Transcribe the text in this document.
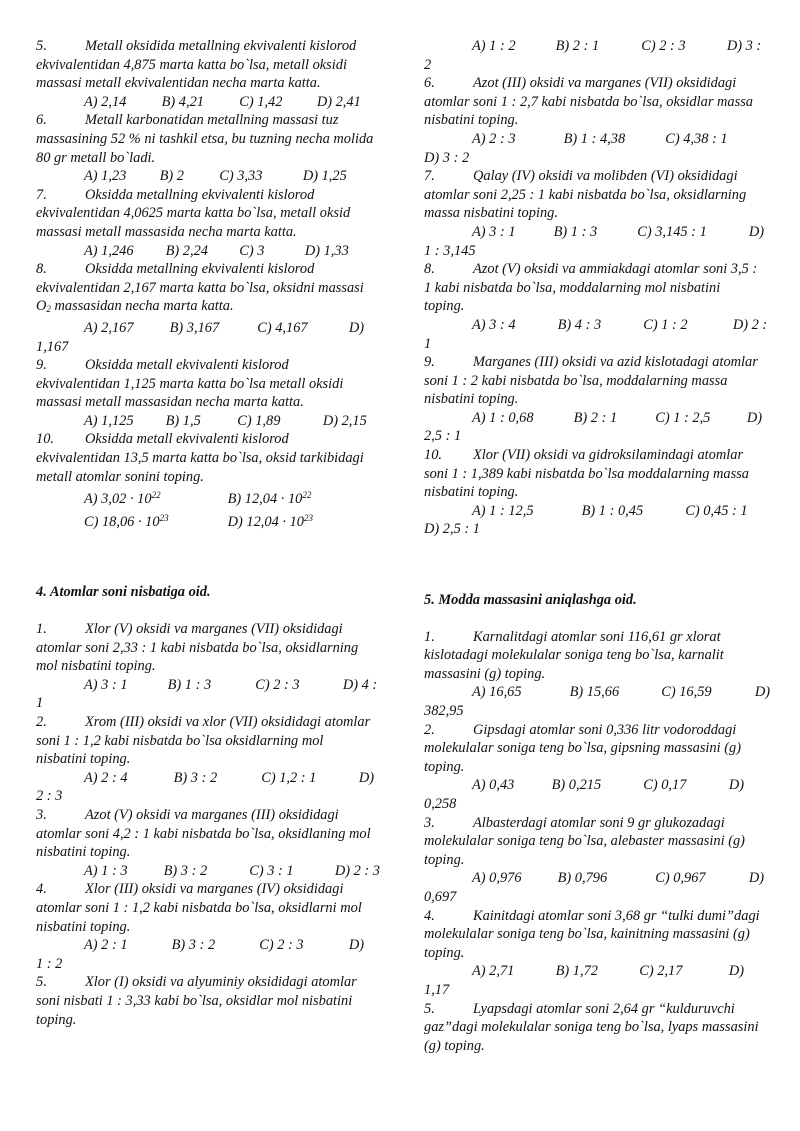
5.	Metall oksidida metallning ekvivalenti kislorod ekvivalentidan 4,875 marta katta bo`lsa, metall oksidi massasi metall ekvivalentidan necha marta katta.
A) 2,14 B) 4,21 C) 1,42 D) 2,41
6.	Metall karbonatidan metallning massasi tuz massasining 52 % ni tashkil etsa, bu tuzning necha molida 80 gr metall bo`ladi.
A) 1,23 B) 2 C) 3,33	D) 1,25
7.	Oksidda metallning ekvivalenti kislorod ekvivalentidan 4,0625 marta katta bo`lsa, metall oksid massasi metall massasida necha marta katta.
A) 1,246 B) 2,24 C) 3	D) 1,33
8.	Oksidda metallning ekvivalenti kislorod ekvivalentidan 2,167 marta katta bo`lsa, oksidni massasi $O_2$ massasidan necha marta katta.
A) 2,167	B) 3,167	C) 4,167	D)
1,167
9.	Oksidda metall ekvivalenti kislorod ekvivalentidan 1,125 marta katta bo`lsa metall oksidi massasi metall massasidan necha marta katta.
A) 1,125 B) 1,5	C) 1,89	D) 2,15
10. Oksidda metall ekvivalenti kislorod ekvivalentidan 13,5 marta katta bo`lsa, oksid tarkibidagi metall atomlar sonini toping.
A) $3,02 \cdot 10^{22}$	B) $12,04 \cdot 10^{22}$
C) $18,06 \cdot 10^{23}$	D) $12,04 \cdot 10^{23}$
4. Atomlar soni nisbatiga oid.
1.	Xlor (V) oksidi va marganes (VII) oksididagi atomlar soni 2,33 : 1 kabi nisbatda bo`lsa, oksidlarning mol nisbatini toping.
A) 3 : 1	B) 1 : 3	C) 2 : 3	D) 4 :
1
2.	Xrom (III) oksidi va xlor (VII) oksididagi atomlar soni 1 : 1,2 kabi nisbatda bo`lsa oksidlarning mol nisbatini toping.
A) 2 : 4	B) 3 : 2	C) 1,2 : 1	D)
2 : 3
3.	Azot (V) oksidi va marganes (III) oksididagi atomlar soni 4,2 : 1 kabi nisbatda bo`lsa, oksidlaning mol nisbatini toping.
A) 1 : 3	B) 3 : 2	C) 3 : 1	D) 2 : 3
4.	Xlor (III) oksidi va marganes (IV) oksididagi atomlar soni 1 : 1,2 kabi nisbatda bo`lsa, oksidlarni mol nisbatini toping.
A) 2 : 1	B) 3 : 2	C) 2 : 3	D)
1 : 2
5.	Xlor (I) oksidi va alyuminiy oksididagi atomlar soni nisbati 1 : 3,33 kabi bo`lsa, oksidlar mol nisbatini toping.
A) 1 : 2	B) 2 : 1	C) 2 : 3	D) 3 :
2
6.	Azot (III) oksidi va marganes (VII) oksididagi atomlar soni 1 : 2,7 kabi nisbatda bo`lsa, oksidlar massa nisbatini toping.
A) 2 : 3	B) 1 : 4,38	C) 4,38 : 1
D) 3 : 2
7.	Qalay (IV) oksidi va molibden (VI) oksididagi atomlar soni 2,25 : 1 kabi nisbatda bo`lsa, oksidlarning massa nisbatini toping.
A) 3 : 1	B) 1 : 3	C) 3,145 : 1	D)
1 : 3,145
8.	Azot (V) oksidi va ammiakdagi atomlar soni 3,5 : 1 kabi nisbatda bo`lsa, moddalarning mol nisbatini toping.
A) 3 : 4	B) 4 : 3	C) 1 : 2	D) 2 :
1
9.	Marganes (III) oksidi va azid kislotadagi atomlar soni 1 : 2 kabi nisbatda bo`lsa, moddalarning massa nisbatini toping.
A) 1 : 0,68	B) 2 : 1	C) 1 : 2,5	D)
2,5 : 1
10. Xlor (VII) oksidi va gidroksilamindagi atomlar soni 1 : 1,389 kabi nisbatda bo`lsa moddalarning massa nisbatini toping.
A) 1 : 12,5	B) 1 : 0,45	C) 0,45 : 1
D) 2,5 : 1
5. Modda massasini aniqlashga oid.
1.	Karnalitdagi atomlar soni 116,61 gr xlorat kislotadagi molekulalar soniga teng bo`lsa, karnalit massasini (g) toping.
A) 16,65	B) 15,66	C) 16,59	D)
382,95
2.	Gipsdagi atomlar soni 0,336 litr vodoroddagi molekulalar soniga teng bo`lsa, gipsning massasini (g) toping.
A) 0,43	B) 0,215	C) 0,17	D)
0,258
3.	Albasterdagi atomlar soni 9 gr glukozadagi molekulalar soniga teng bo`lsa, alebaster massasini (g) toping.
A) 0,976	B) 0,796	C) 0,967	D)
0,697
4.	Kainitdagi atomlar soni 3,68 gr “tulki dumi”dagi molekulalar soniga teng bo`lsa, kainitning massasini (g) toping.
A) 2,71	B) 1,72	C) 2,17	D)
1,17
5.	Lyapsdagi atomlar soni 2,64 gr “kulduruvchi gaz”dagi molekulalar soniga teng bo`lsa, lyaps massasini (g) toping.
